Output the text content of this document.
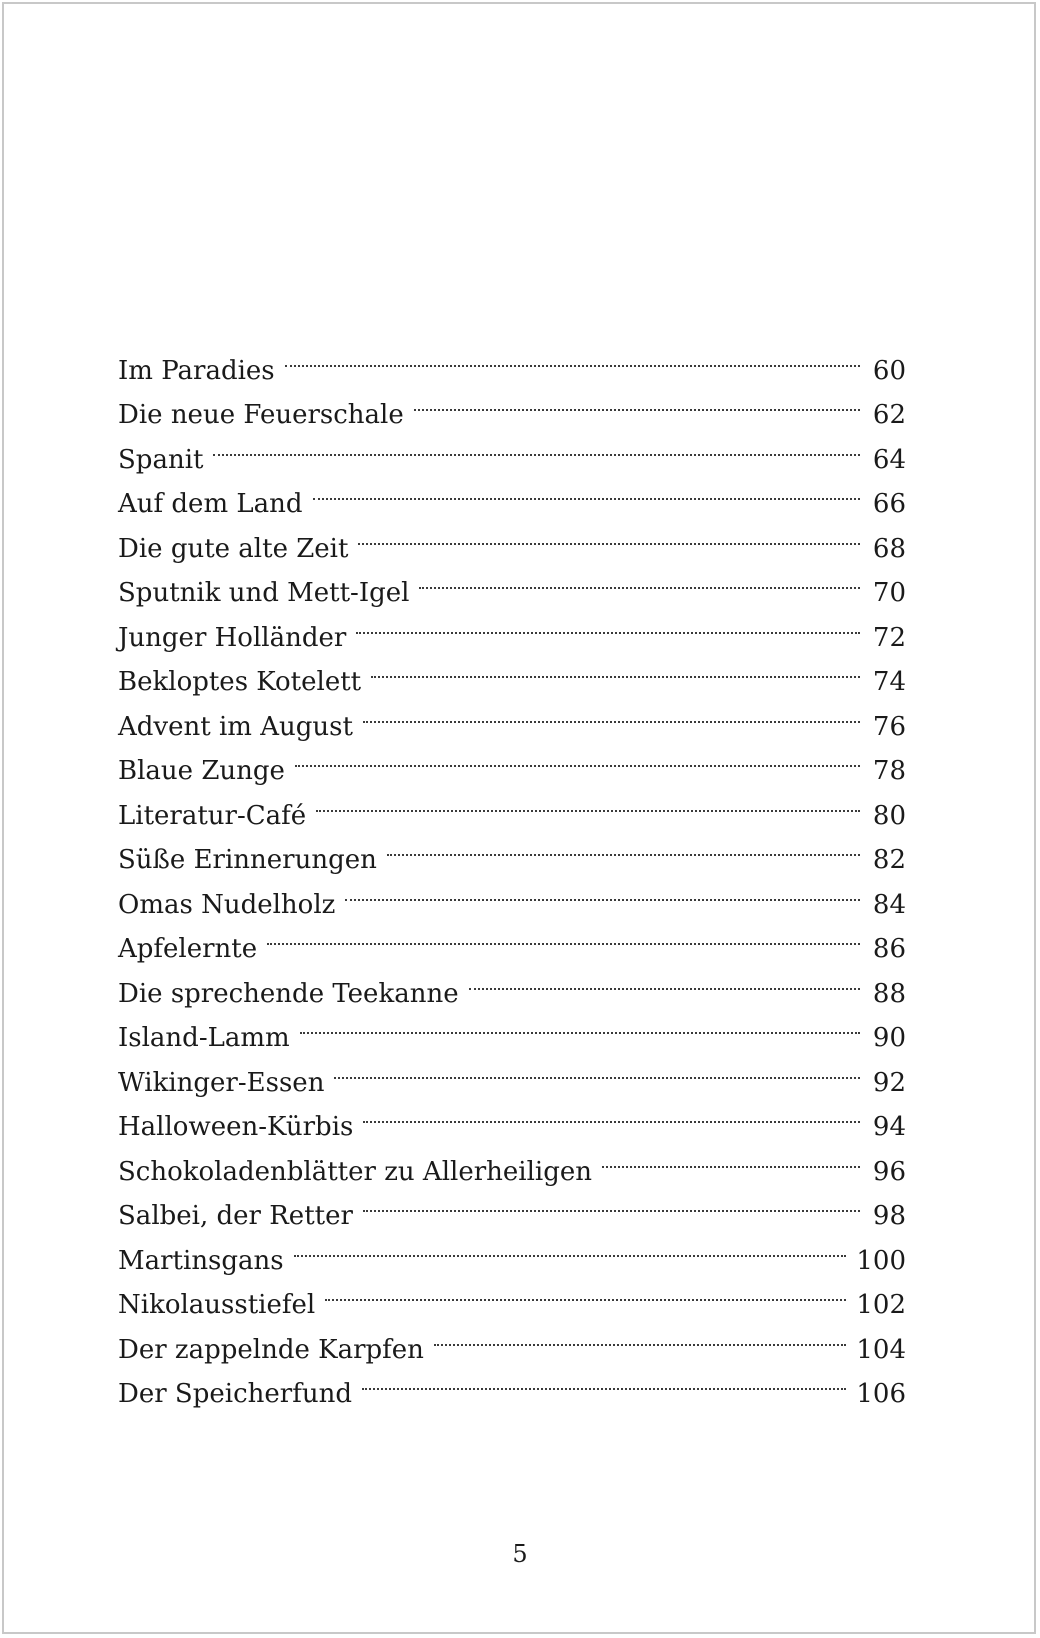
Im Paradies	60
Die neue Feuerschale	62
Spanit	64
Auf dem Land	66
Die gute alte Zeit	68
Sputnik und Mett-Igel	70
Junger Holländer	72
Bekloptes Kotelett	74
Advent im August	76
Blaue Zunge	78
Literatur-Café	80
Süße Erinnerungen	82
Omas Nudelholz	84
Apfelernte	86
Die sprechende Teekanne	88
Island-Lamm	90
Wikinger-Essen	92
Halloween-Kürbis	94
Schokoladenblätter zu Allerheiligen	96
Salbei, der Retter	98
Martinsgans	100
Nikolausstiefel	102
Der zappelnde Karpfen	104
Der Speicherfund	106
5
